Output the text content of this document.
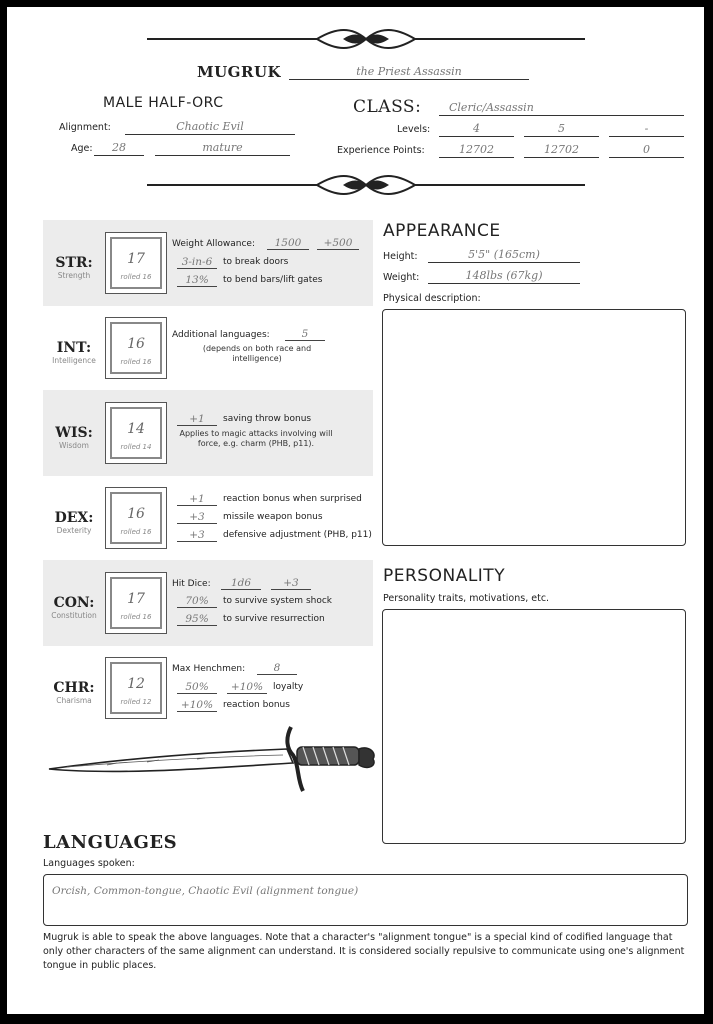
MUGRUK	the Priest Assassin
MALE HALF-ORC	CLASS:	Cleric/Assassin
Alignment:	Chaotic Evil
Age:	28	mature
Levels:	4	5	-
Experience Points:	12702	12702	0
STR:
Strength
17
rolled 16
Weight Allowance:	1500	+500
3-in-6	to break doors
13%	to bend bars/lift gates
INT:
Intelligence
16
rolled 16
Additional languages:	5
(depends on both race and intelligence)
WIS:
Wisdom
14
rolled 14
+1	saving throw bonus
Applies to magic attacks involving will force, e.g. charm (PHB, p11).
DEX:
Dexterity
16
rolled 16
+1	reaction bonus when surprised
+3	missile weapon bonus
+3	defensive adjustment (PHB, p11)
CON:
Constitution
17
rolled 16
Hit Dice:	1d6	+3
70%	to survive system shock
95%	to survive resurrection
CHR:
Charisma
12
rolled 12
Max Henchmen:	8
50%	+10%	loyalty
+10%	reaction bonus
APPEARANCE
Height:	5'5" (165cm)
Weight:	148lbs (67kg)
Physical description:
PERSONALITY
Personality traits, motivations, etc.
LANGUAGES
Languages spoken:
Orcish, Common-tongue, Chaotic Evil (alignment tongue)
Mugruk is able to speak the above languages. Note that a character's "alignment tongue" is a special kind of codified language that only other characters of the same alignment can understand. It is considered socially repulsive to communicate using one's alignment tongue in public places.
